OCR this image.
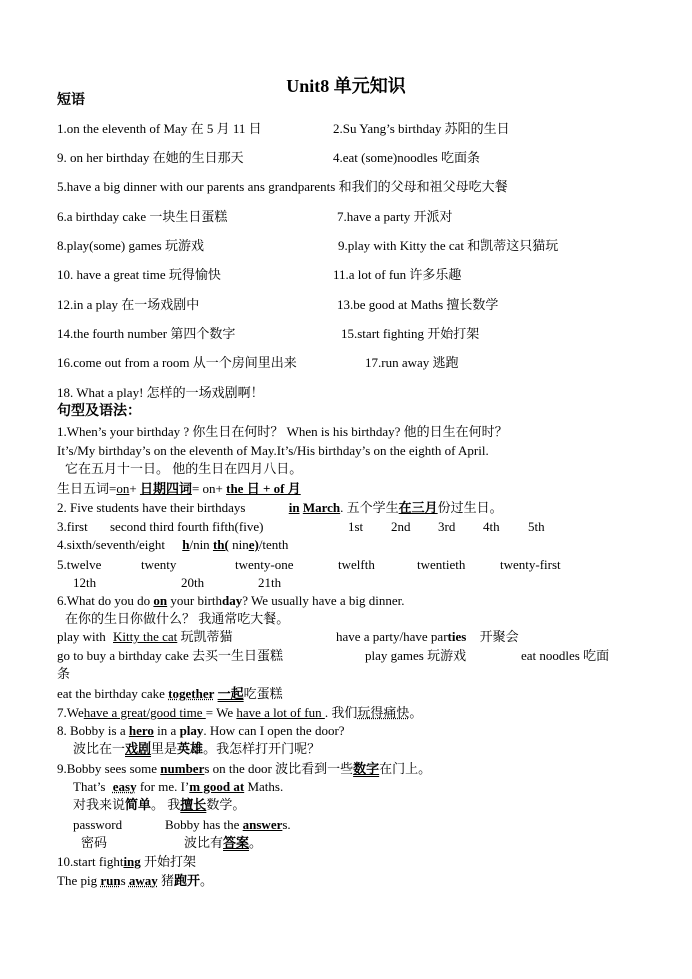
Unit8 单元知识
短语
1.on the eleventh of May 在 5 月 11 日	2.Su Yang’s birthday 苏阳的生日
9. on her birthday 在她的生日那天	4.eat (some)noodles 吃面条
5.have a big dinner with our parents ans grandparents 和我们的父母和祖父母吃大餐
6.a birthday cake 一块生日蛋糕	7.have a party 开派对
8.play(some) games 玩游戏	9.play with Kitty the cat 和凯蒂这只猫玩
10. have a great time 玩得愉快	11.a lot of fun 许多乐趣
12.in a play 在一场戏剧中	13.be good at Maths 擅长数学
14.the fourth number 第四个数字	15.start fighting 开始打架
16.come out from a room 从一个房间里出来	17.run away 逃跑
18. What a play! 怎样的一场戏剧啊！
句型及语法：
1.When’s your birthday ? 你生日在何时？ When is his birthday? 他的日生在何时？
It’s/My birthday’s on the eleventh of May.It’s/His birthday’s on the eighth of April.
它在五月十一日。 他的生日在四月八日。
生日五词=on+ 日期四词= on+ the 日 + of 月
2. Five students have their birthdays	in March. 五个学生在三月份过生日。
3.first second third fourth fifth(five)	1st 2nd 3rd 4th 5th
4.sixth/seventh/eight h/nin th( nine)/tenth
5.twelve	twenty	twenty-one	twelfth	twentieth	twenty-first
12th	20th	21th
6.What do you do on your birthday? We usually have a big dinner.
在你的生日你做什么？ 我通常吃大餐。
play with Kitty the cat 玩凯蒂猫	have a party/have parties 开聚会
go to buy a birthday cake 去买一生日蛋糕	play games 玩游戏	eat noodles 吃面
条
eat the birthday cake together 一起吃蛋糕
7.Wehave a great/good time = We have a lot of fun . 我们玩得痛快。
8. Bobby is a hero in a play. How can I open the door?
波比在一戏剧里是英雄。我怎样打开门呢？
9.Bobby sees some numbers on the door 波比看到一些数字在门上。
That’s easy for me. I’m good at Maths.
对我来说简单。 我擅长数学。
password	Bobby has the answers.
密码	波比有答案。
10.start fighting 开始打架
The pig runs away 猪跑开。
